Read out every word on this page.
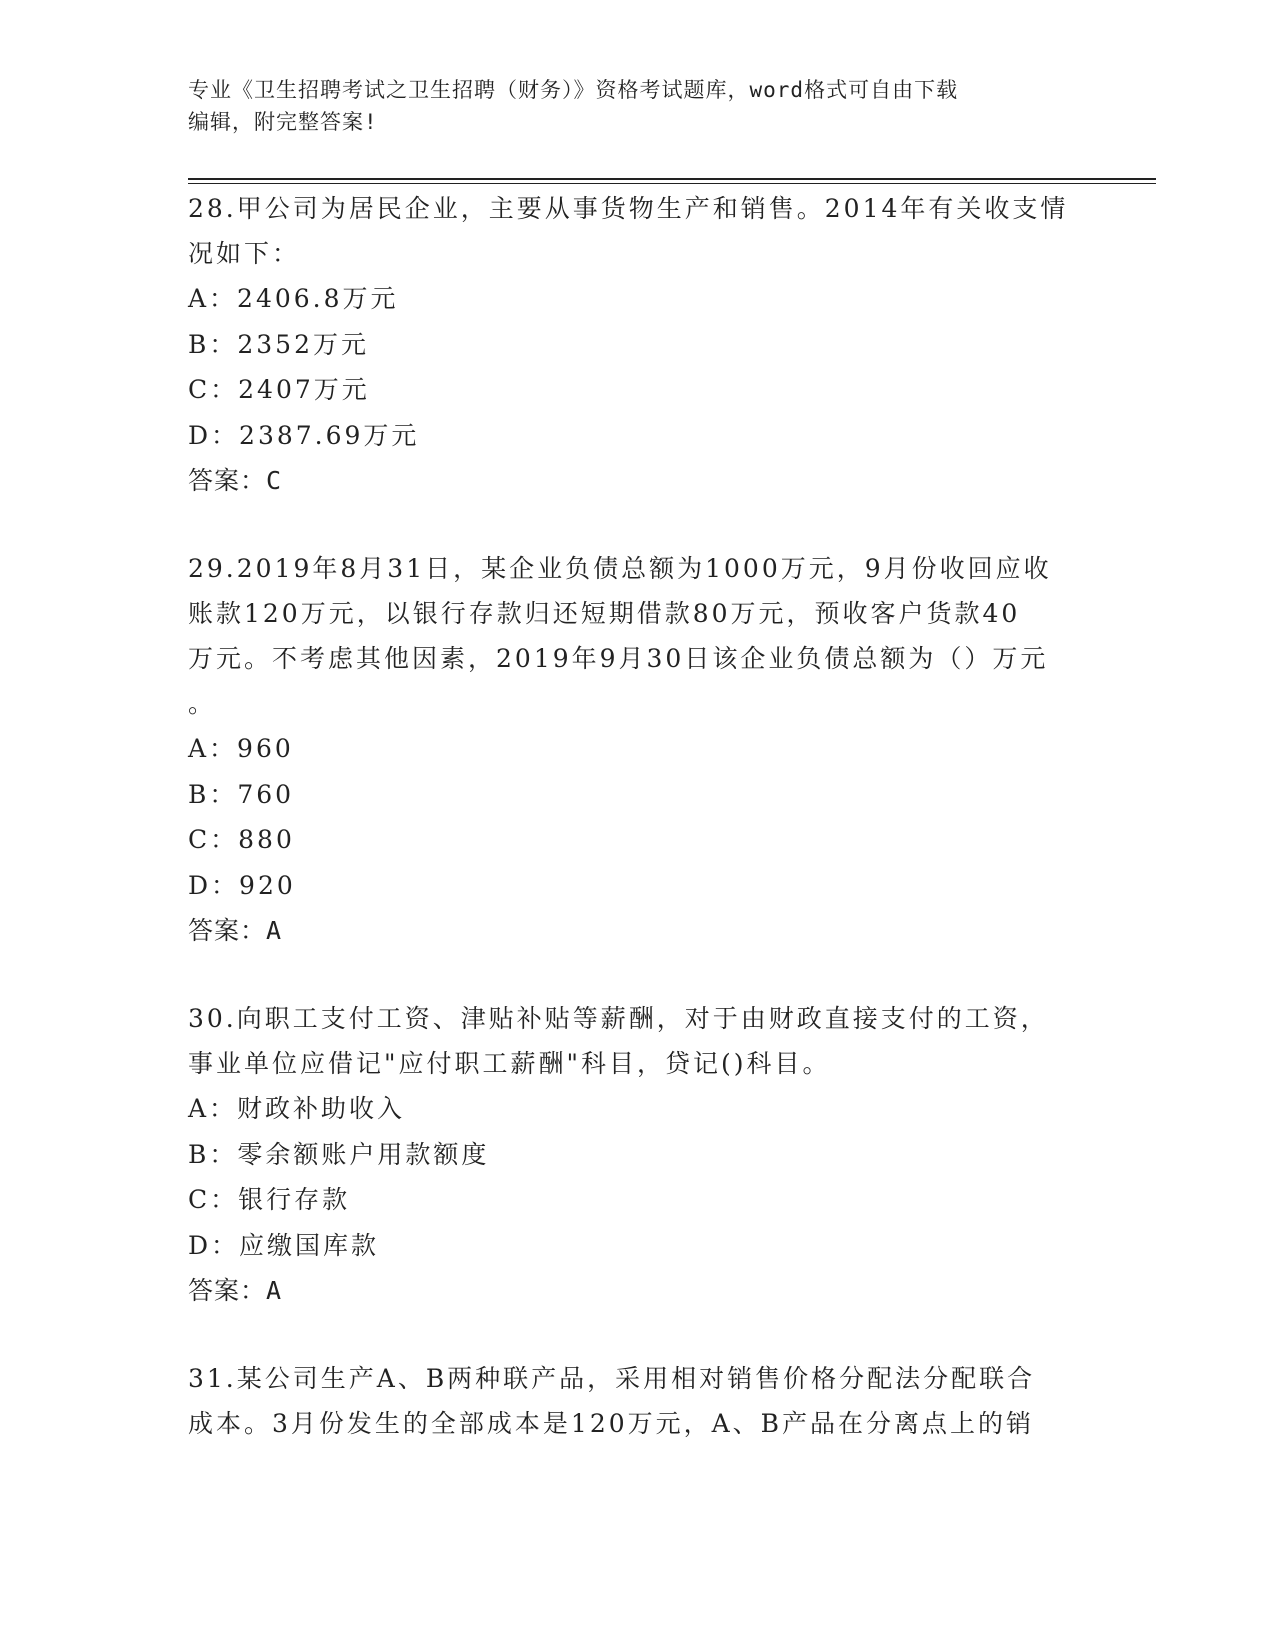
专业《卫生招聘考试之卫生招聘（财务）》资格考试题库，word格式可自由下载
编辑，附完整答案!
28.甲公司为居民企业，主要从事货物生产和销售。2014年有关收支情
况如下：
A：2406.8万元
B：2352万元
C：2407万元
D：2387.69万元
答案：C
29.2019年8月31日，某企业负债总额为1000万元，9月份收回应收
账款120万元，以银行存款归还短期借款80万元，预收客户货款40
万元。不考虑其他因素，2019年9月30日该企业负债总额为（）万元
。
A：960
B：760
C：880
D：920
答案：A
30.向职工支付工资、津贴补贴等薪酬，对于由财政直接支付的工资，
事业单位应借记"应付职工薪酬"科目，贷记()科目。
A：财政补助收入
B：零余额账户用款额度
C：银行存款
D：应缴国库款
答案：A
31.某公司生产A、B两种联产品，采用相对销售价格分配法分配联合
成本。3月份发生的全部成本是120万元，A、B产品在分离点上的销
